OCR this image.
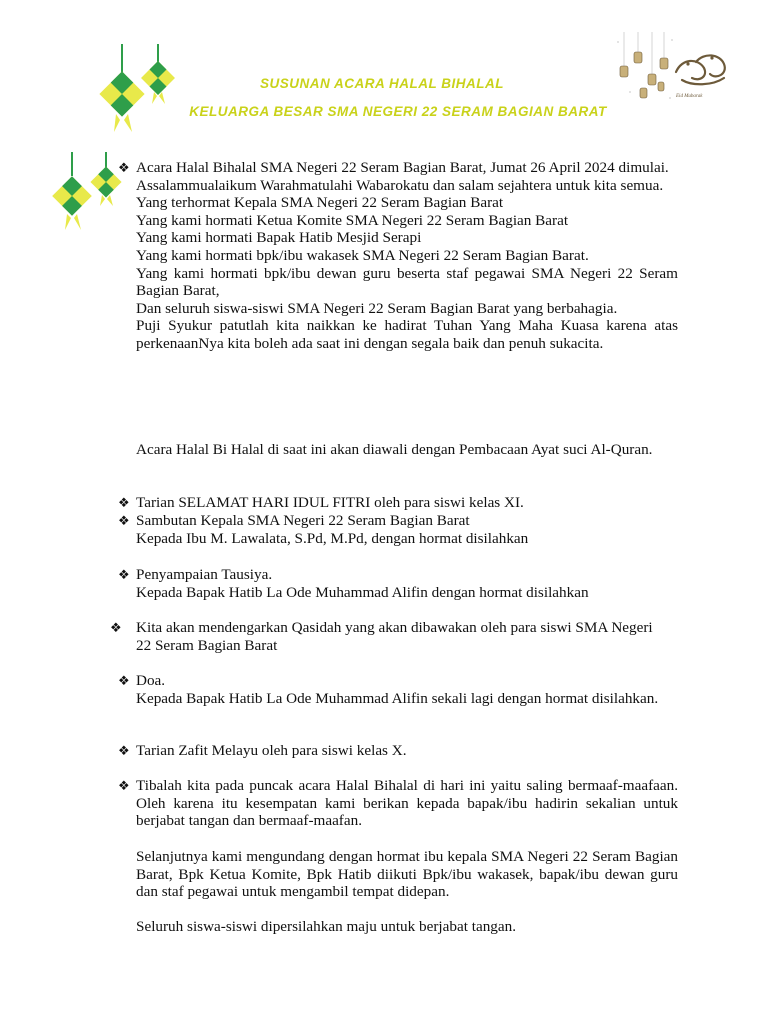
Eid Mubarak
SUSUNAN ACARA HALAL BIHALAL
KELUARGA BESAR SMA NEGERI 22 SERAM BAGIAN BARAT
❖ Acara Halal Bihalal SMA Negeri 22 Seram Bagian Barat, Jumat 26 April 2024 dimulai.
Assalammualaikum Warahmatulahi Wabarokatu dan salam sejahtera untuk kita semua.
Yang terhormat Kepala SMA Negeri 22 Seram Bagian Barat
Yang kami hormati Ketua Komite SMA Negeri 22 Seram Bagian Barat
Yang kami hormati Bapak Hatib Mesjid Serapi
Yang kami hormati bpk/ibu wakasek SMA Negeri 22 Seram Bagian Barat.
Yang kami hormati bpk/ibu dewan guru beserta staf pegawai SMA Negeri 22 Seram Bagian Barat,
Dan seluruh siswa-siswi SMA Negeri 22 Seram Bagian Barat yang berbahagia.
Puji Syukur patutlah kita naikkan ke hadirat Tuhan Yang Maha Kuasa karena atas perkenaanNya kita boleh ada saat ini dengan segala baik dan penuh sukacita.
Acara Halal Bi Halal di saat ini akan diawali dengan Pembacaan Ayat suci Al-Quran.
❖ Tarian SELAMAT HARI IDUL FITRI oleh para siswi kelas XI.
❖ Sambutan Kepala SMA Negeri 22 Seram Bagian Barat
Kepada Ibu M. Lawalata, S.Pd, M.Pd, dengan hormat disilahkan
❖ Penyampaian Tausiya.
Kepada Bapak Hatib La Ode Muhammad Alifin dengan hormat disilahkan
❖ Kita akan mendengarkan Qasidah yang akan dibawakan oleh para siswi SMA Negeri 22 Seram Bagian Barat
❖ Doa.
Kepada Bapak Hatib La Ode Muhammad Alifin sekali lagi dengan hormat disilahkan.
❖ Tarian Zafit Melayu oleh para siswi kelas X.
❖ Tibalah kita pada puncak acara Halal Bihalal di hari ini yaitu saling bermaaf-maafaan. Oleh karena itu kesempatan kami berikan kepada bapak/ibu hadirin sekalian untuk berjabat tangan dan bermaaf-maafan.
Selanjutnya kami mengundang dengan hormat ibu kepala SMA Negeri 22 Seram Bagian Barat, Bpk Ketua Komite, Bpk Hatib diikuti Bpk/ibu wakasek, bapak/ibu dewan guru dan staf pegawai untuk mengambil tempat didepan.
Seluruh siswa-siswi dipersilahkan maju untuk berjabat tangan.
